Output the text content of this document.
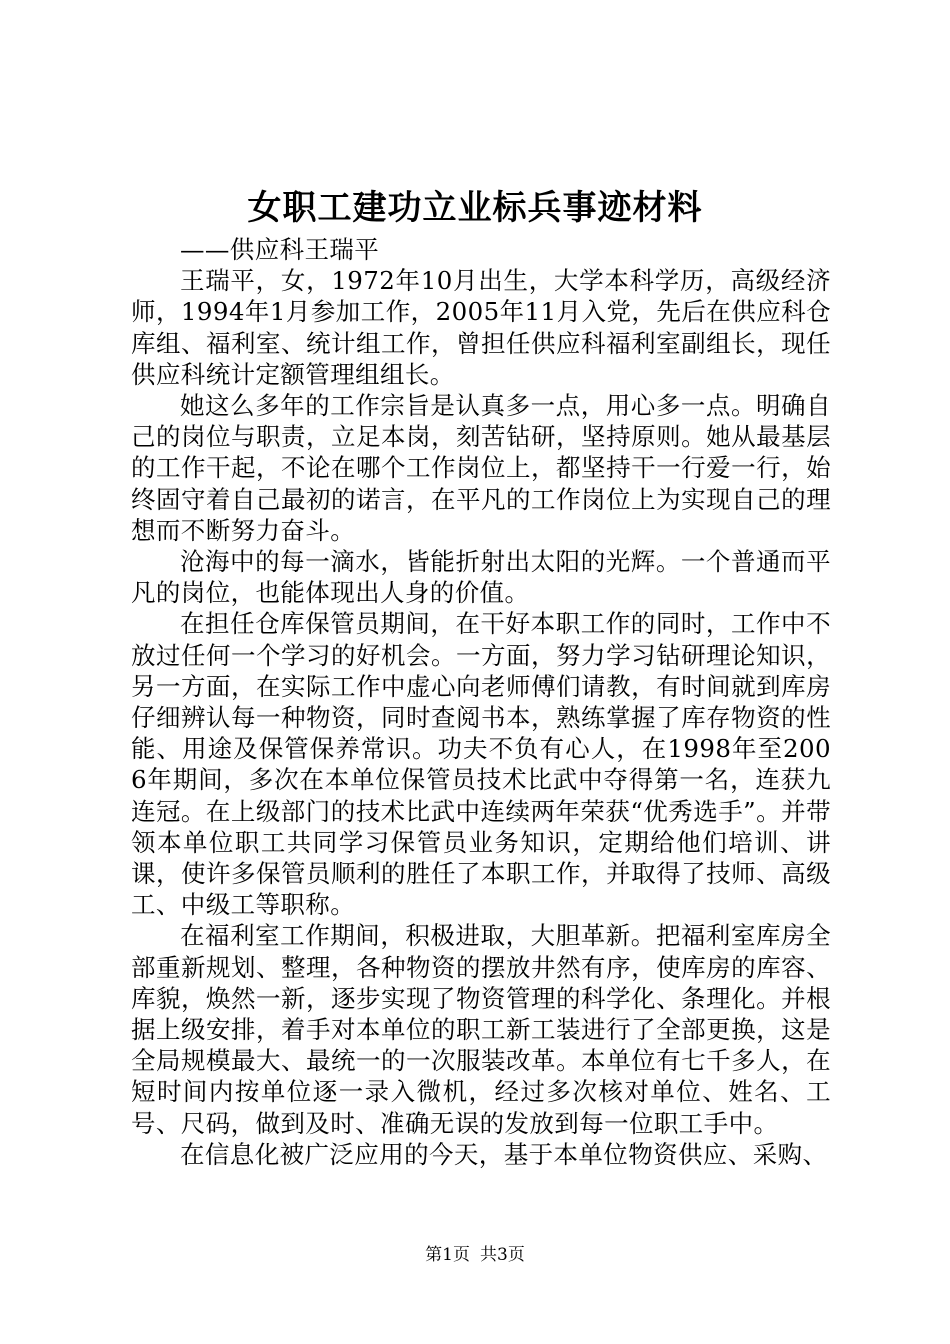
女职工建功立业标兵事迹材料

——供应科王瑞平

王瑞平，女，1972年10月出生，大学本科学历，高级经济师，1994年1月参加工作，2005年11月入党，先后在供应科仓库组、福利室、统计组工作，曾担任供应科福利室副组长，现任供应科统计定额管理组组长。

她这么多年的工作宗旨是认真多一点，用心多一点。明确自己的岗位与职责，立足本岗，刻苦钻研，坚持原则。她从最基层的工作干起，不论在哪个工作岗位上，都坚持干一行爱一行，始终固守着自己最初的诺言，在平凡的工作岗位上为实现自己的理想而不断努力奋斗。

沧海中的每一滴水，皆能折射出太阳的光辉。一个普通而平凡的岗位，也能体现出人身的价值。

在担任仓库保管员期间，在干好本职工作的同时，工作中不放过任何一个学习的好机会。一方面，努力学习钻研理论知识，另一方面，在实际工作中虚心向老师傅们请教，有时间就到库房仔细辨认每一种物资，同时查阅书本，熟练掌握了库存物资的性能、用途及保管保养常识。功夫不负有心人，在1998年至2006年期间，多次在本单位保管员技术比武中夺得第一名，连获九连冠。在上级部门的技术比武中连续两年荣获“优秀选手”。并带领本单位职工共同学习保管员业务知识，定期给他们培训、讲课，使许多保管员顺利的胜任了本职工作，并取得了技师、高级工、中级工等职称。

在福利室工作期间，积极进取，大胆革新。把福利室库房全部重新规划、整理，各种物资的摆放井然有序，使库房的库容、库貌，焕然一新，逐步实现了物资管理的科学化、条理化。并根据上级安排，着手对本单位的职工新工装进行了全部更换，这是全局规模最大、最统一的一次服装改革。本单位有七千多人，在短时间内按单位逐一录入微机，经过多次核对单位、姓名、工号、尺码，做到及时、准确无误的发放到每一位职工手中。

在信息化被广泛应用的今天，基于本单位物资供应、采购、

第1页 共3页
